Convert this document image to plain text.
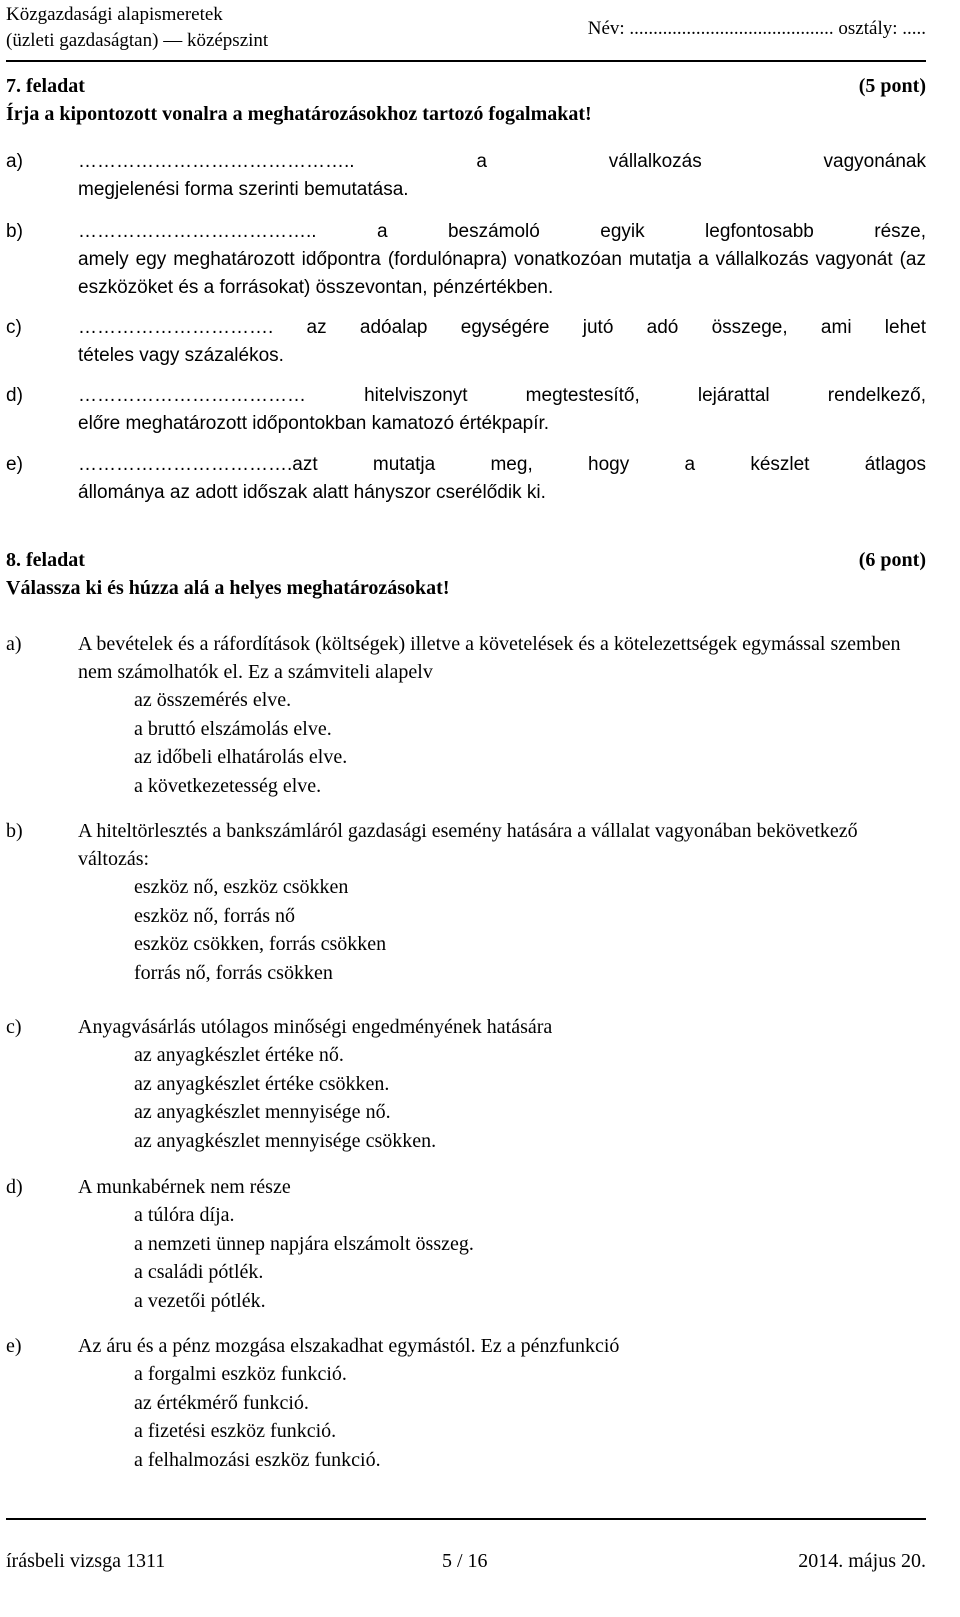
Közgazdasági alapismeretek
(üzleti gazdaságtan) — középszint
Név: ........................................... osztály: .....
7. feladat	(5 pont)
Írja a kipontozott vonalra a meghatározásokhoz tartozó fogalmakat!
a)	…………………………………….. a vállalkozás vagyonának
megjelenési forma szerinti bemutatása.
b)	……………………………….. a beszámoló egyik legfontosabb része,
amely egy meghatározott időpontra (fordulónapra) vonatkozóan mutatja a vállalkozás vagyonát (az eszközöket és a forrásokat) összevontan, pénzértékben.
c)	…………………………. az adóalap egységére jutó adó összege, ami lehet
tételes vagy százalékos.
d)	……………………………… hitelviszonyt megtestesítő, lejárattal rendelkező,
előre meghatározott időpontokban kamatozó értékpapír.
e)	…………………………….azt mutatja meg, hogy a készlet átlagos
állománya az adott időszak alatt hányszor cserélődik ki.
8. feladat	(6 pont)
Válassza ki és húzza alá a helyes meghatározásokat!
a)	A bevételek és a ráfordítások (költségek) illetve a követelések és a kötelezettségek egymással szemben nem számolhatók el. Ez a számviteli alapelv
az összemérés elve.
a bruttó elszámolás elve.
az időbeli elhatárolás elve.
a következetesség elve.
b)	A hiteltörlesztés a bankszámláról gazdasági esemény hatására a vállalat vagyonában bekövetkező változás:
eszköz nő, eszköz csökken
eszköz nő, forrás nő
eszköz csökken, forrás csökken
forrás nő, forrás csökken
c)	Anyagvásárlás utólagos minőségi engedményének hatására
az anyagkészlet értéke nő.
az anyagkészlet értéke csökken.
az anyagkészlet mennyisége nő.
az anyagkészlet mennyisége csökken.
d)	A munkabérnek nem része
a túlóra díja.
a nemzeti ünnep napjára elszámolt összeg.
a családi pótlék.
a vezetői pótlék.
e)	Az áru és a pénz mozgása elszakadhat egymástól. Ez a pénzfunkció
a forgalmi eszköz funkció.
az értékmérő funkció.
a fizetési eszköz funkció.
a felhalmozási eszköz funkció.
írásbeli vizsga 1311	5 / 16	2014. május 20.
